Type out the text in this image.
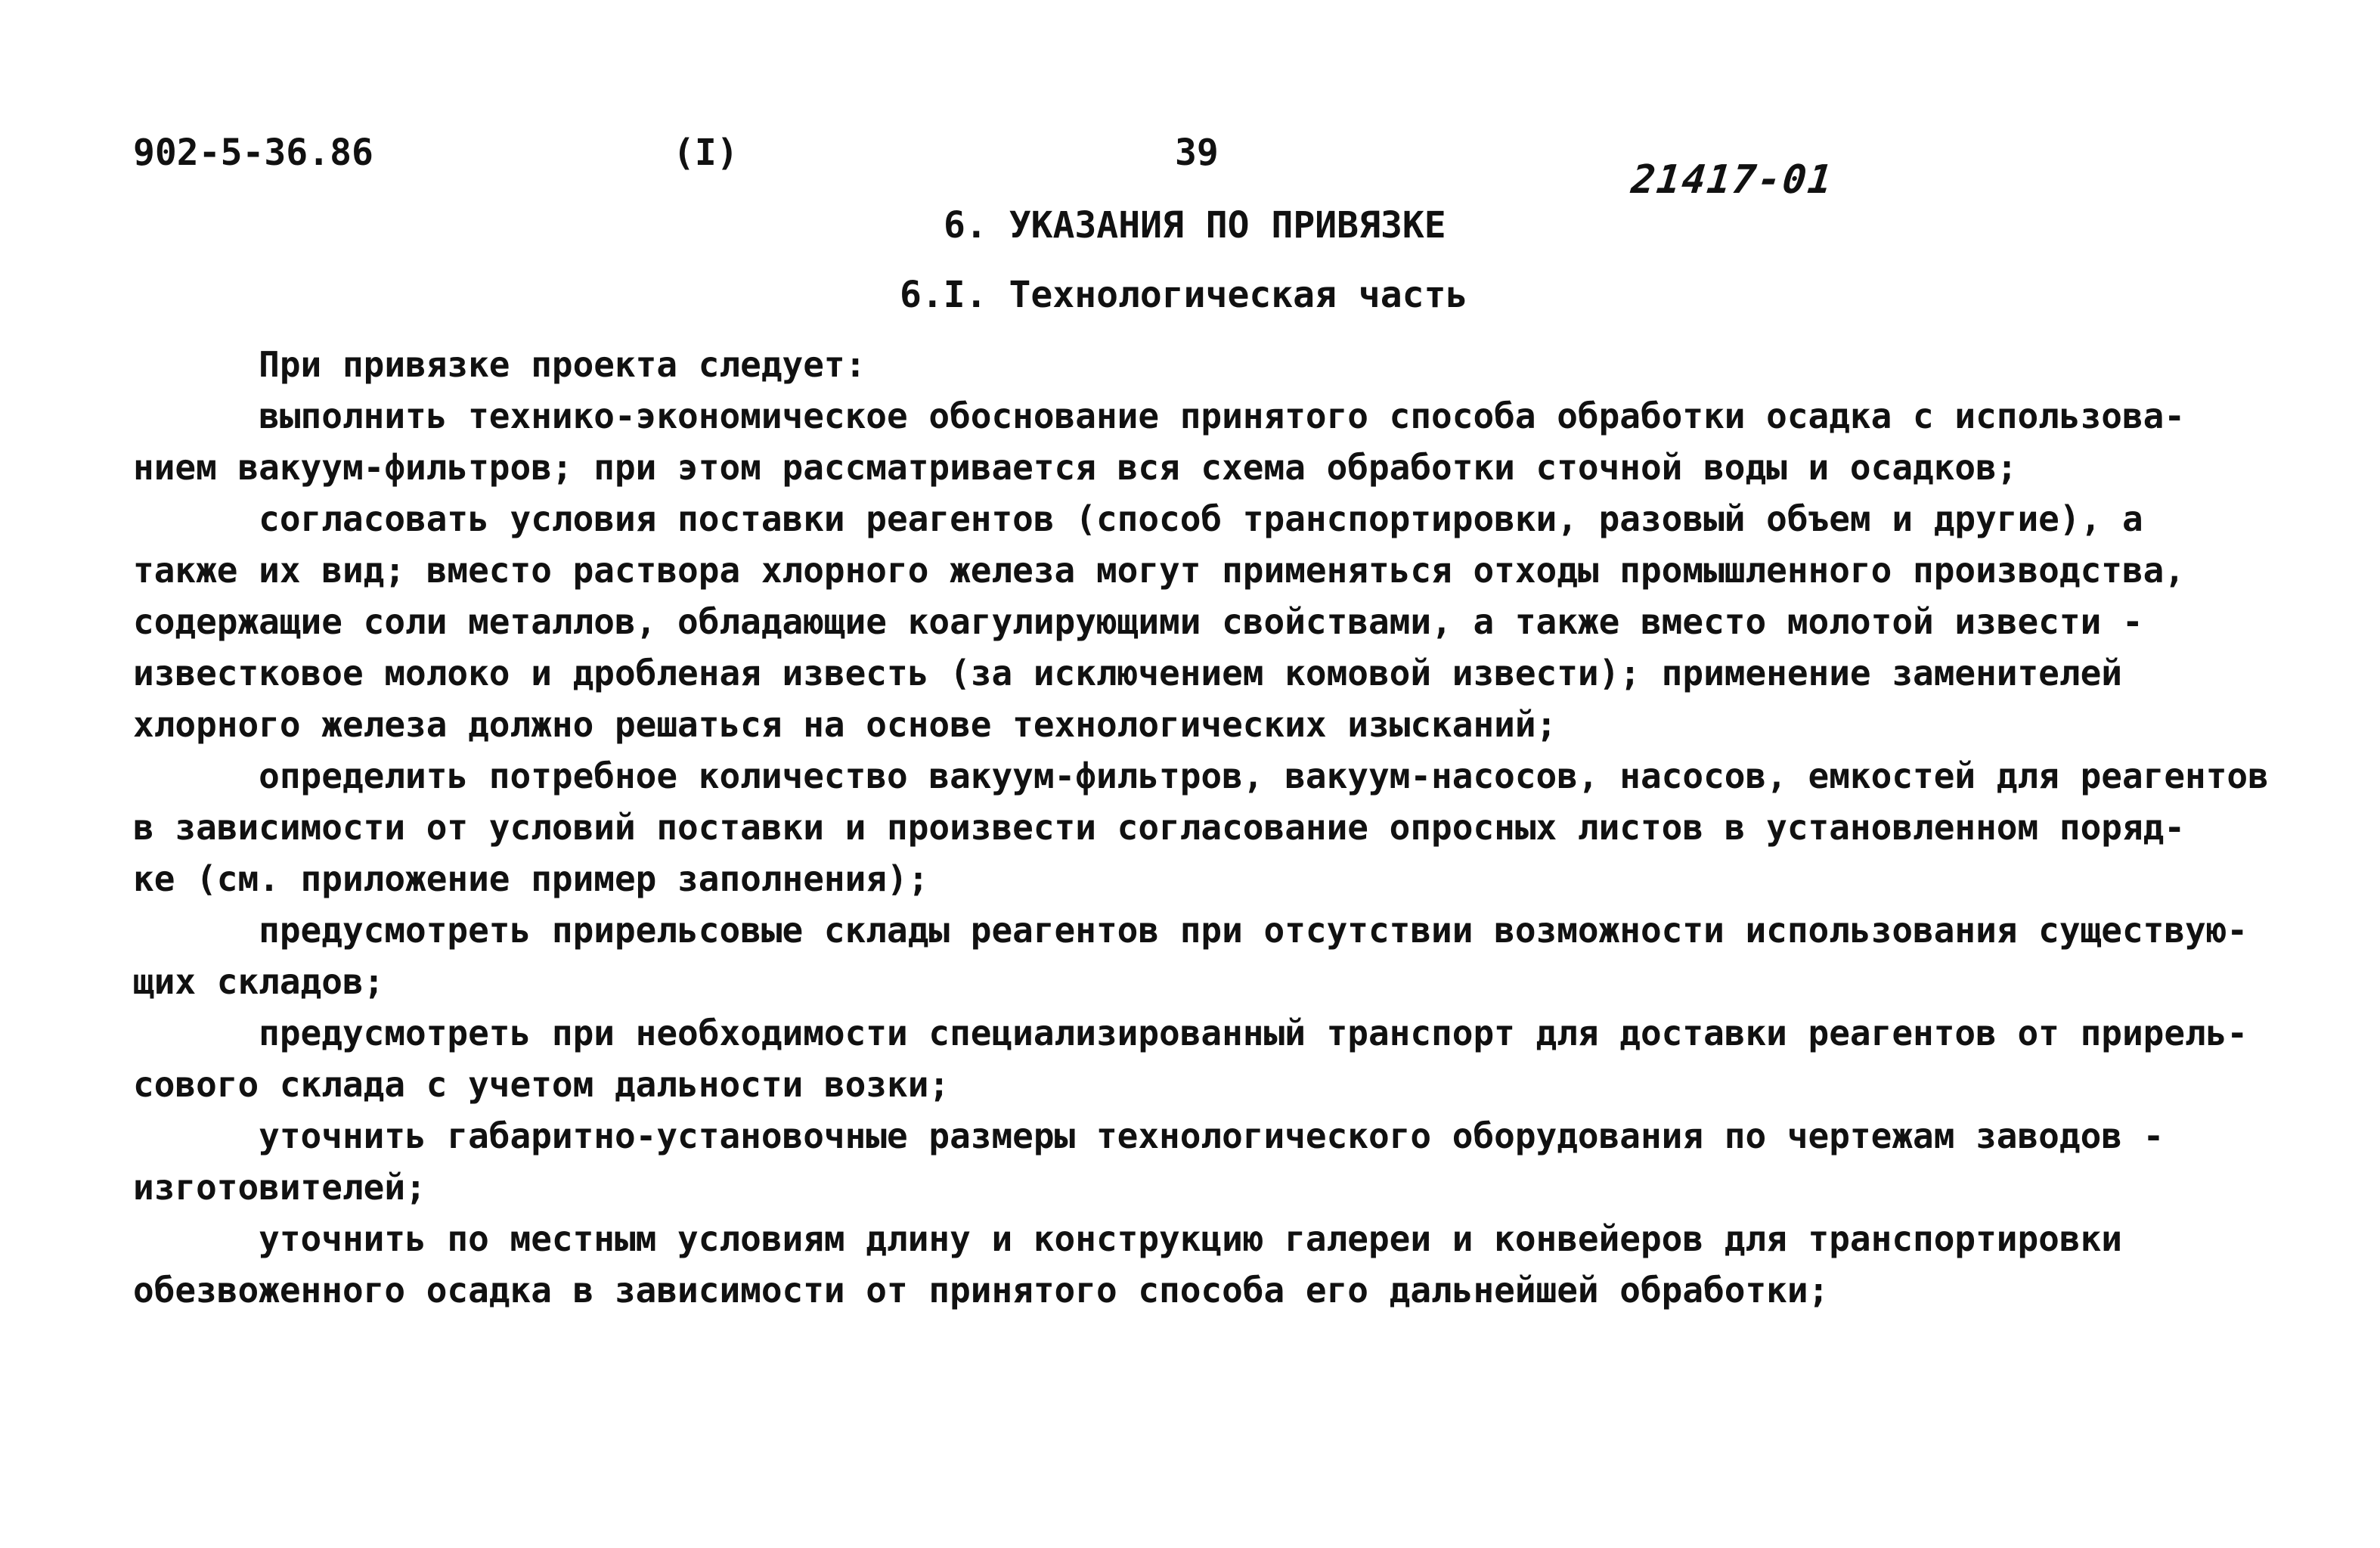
902-5-36.86	(I)	39
21417-01
6. УКАЗАНИЯ ПО ПРИВЯЗКЕ
6.I. Технологическая часть
При привязке проекта следует:
выполнить технико-экономическое обоснование принятого способа обработки осадка с использова-
нием вакуум-фильтров; при этом рассматривается вся схема обработки сточной воды и осадков;
согласовать условия поставки реагентов (способ транспортировки, разовый объем и другие), а
также их вид; вместо раствора хлорного железа могут применяться отходы промышленного производства,
содержащие соли металлов, обладающие коагулирующими свойствами, а также вместо молотой извести -
известковое молоко и дробленая известь (за исключением комовой извести); применение заменителей
хлорного железа должно решаться на основе технологических изысканий;
определить потребное количество вакуум-фильтров, вакуум-насосов, насосов, емкостей для реагентов
в зависимости от условий поставки и произвести согласование опросных листов в установленном поряд-
ке (см. приложение пример заполнения);
предусмотреть прирельсовые склады реагентов при отсутствии возможности использования существую-
щих складов;
предусмотреть при необходимости специализированный транспорт для доставки реагентов от прирель-
сового склада с учетом дальности возки;
уточнить габаритно-установочные размеры технологического оборудования по чертежам заводов -
изготовителей;
уточнить по местным условиям длину и конструкцию галереи и конвейеров для транспортировки
обезвоженного осадка в зависимости от принятого способа его дальнейшей обработки;
